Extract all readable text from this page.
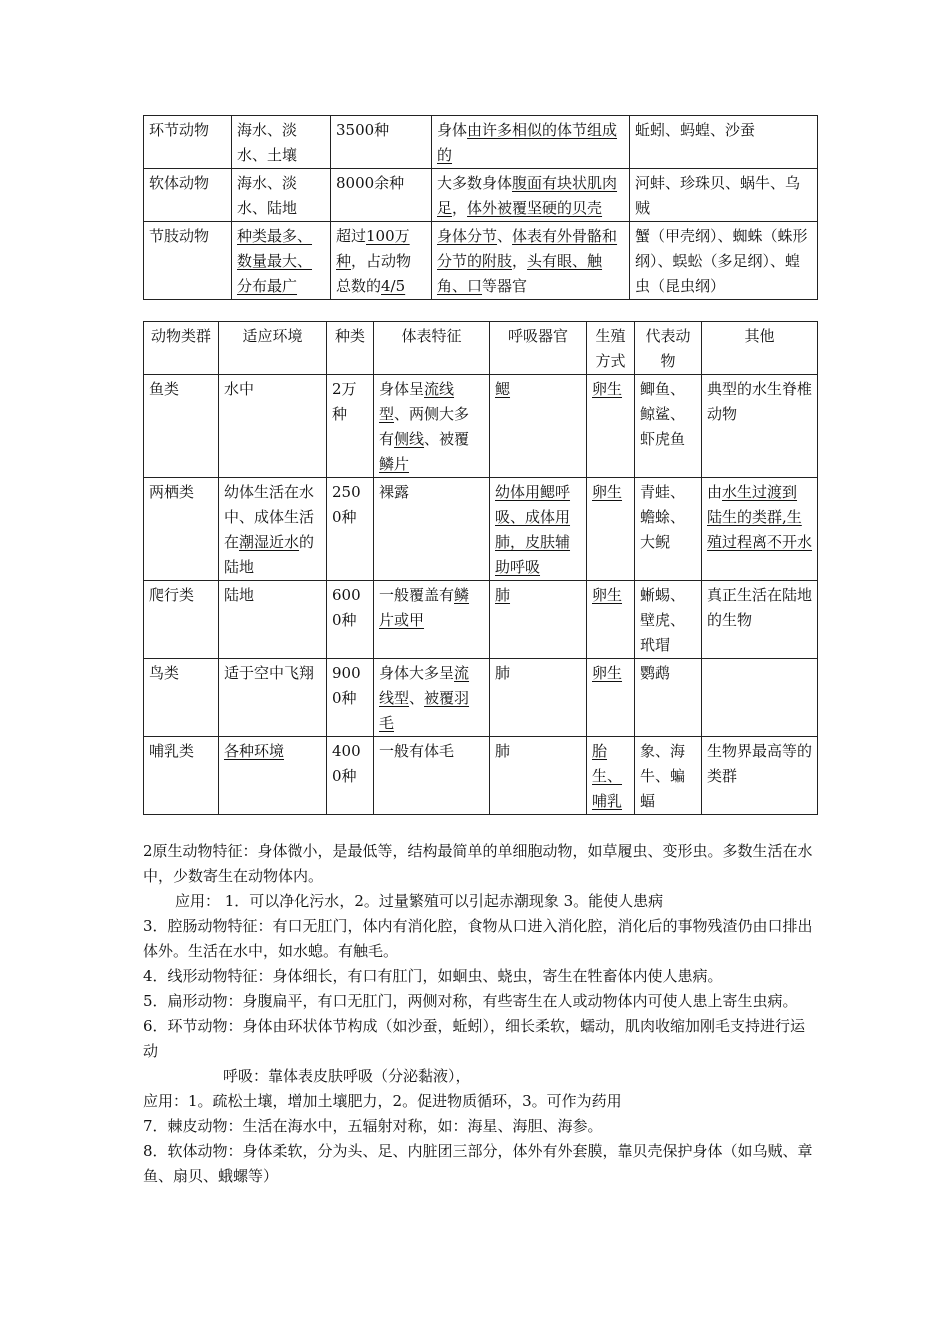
环节动物	海水、淡水、土壤	3500种	身体由许多相似的体节组成的	蚯蚓、蚂蝗、沙蚕
软体动物	海水、淡水、陆地	8000余种	大多数身体腹面有块状肌肉足，体外被覆坚硬的贝壳	河蚌、珍珠贝、蜗牛、乌贼
节肢动物	种类最多、数量最大、分布最广	超过100万种，占动物总数的4/5	身体分节、体表有外骨骼和分节的附肢，头有眼、触角、口等器官	蟹（甲壳纲）、蜘蛛（蛛形纲）、蜈蚣（多足纲）、蝗虫（昆虫纲）
动物类群	适应环境	种类	体表特征	呼吸器官	生殖方式	代表动物	其他
鱼类	水中	2万种	身体呈流线型、两侧大多有侧线、被覆鳞片	鳃	卵生	鲫鱼、鲸鲨、虾虎鱼	典型的水生脊椎动物
两栖类	幼体生活在水中、成体生活在潮湿近水的陆地	2500种	裸露	幼体用鳃呼吸、成体用肺，皮肤辅助呼吸	卵生	青蛙、蟾蜍、大鲵	由水生过渡到陆生的类群,生殖过程离不开水
爬行类	陆地	6000种	一般覆盖有鳞片或甲	肺	卵生	蜥蜴、壁虎、玳瑁	真正生活在陆地的生物
鸟类	适于空中飞翔	9000种	身体大多呈流线型、被覆羽毛	肺	卵生	鹦鹉	
哺乳类	各种环境	4000种	一般有体毛	肺	胎生、哺乳	象、海牛、蝙蝠	生物界最高等的类群

2原生动物特征：身体微小，是最低等，结构最简单的单细胞动物，如草履虫、变形虫。多数生活在水中，少数寄生在动物体内。

应用： 1．可以净化污水，2。过量繁殖可以引起赤潮现象 3。能使人患病

3．腔肠动物特征：有口无肛门，体内有消化腔，食物从口进入消化腔，消化后的事物残渣仍由口排出体外。生活在水中，如水螅。有触毛。

4．线形动物特征：身体细长，有口有肛门，如蛔虫、蛲虫，寄生在牲畜体内使人患病。

5．扁形动物：身腹扁平，有口无肛门，两侧对称，有些寄生在人或动物体内可使人患上寄生虫病。

6．环节动物：身体由环状体节构成（如沙蚕，蚯蚓），细长柔软，蠕动，肌肉收缩加刚毛支持进行运动

呼吸：靠体表皮肤呼吸（分泌黏液），

应用：1。疏松土壤，增加土壤肥力，2。促进物质循环，3。可作为药用

7．棘皮动物：生活在海水中，五辐射对称，如：海星、海胆、海参。

8．软体动物：身体柔软，分为头、足、内脏团三部分，体外有外套膜，靠贝壳保护身体（如乌贼、章鱼、扇贝、蛾螺等）
